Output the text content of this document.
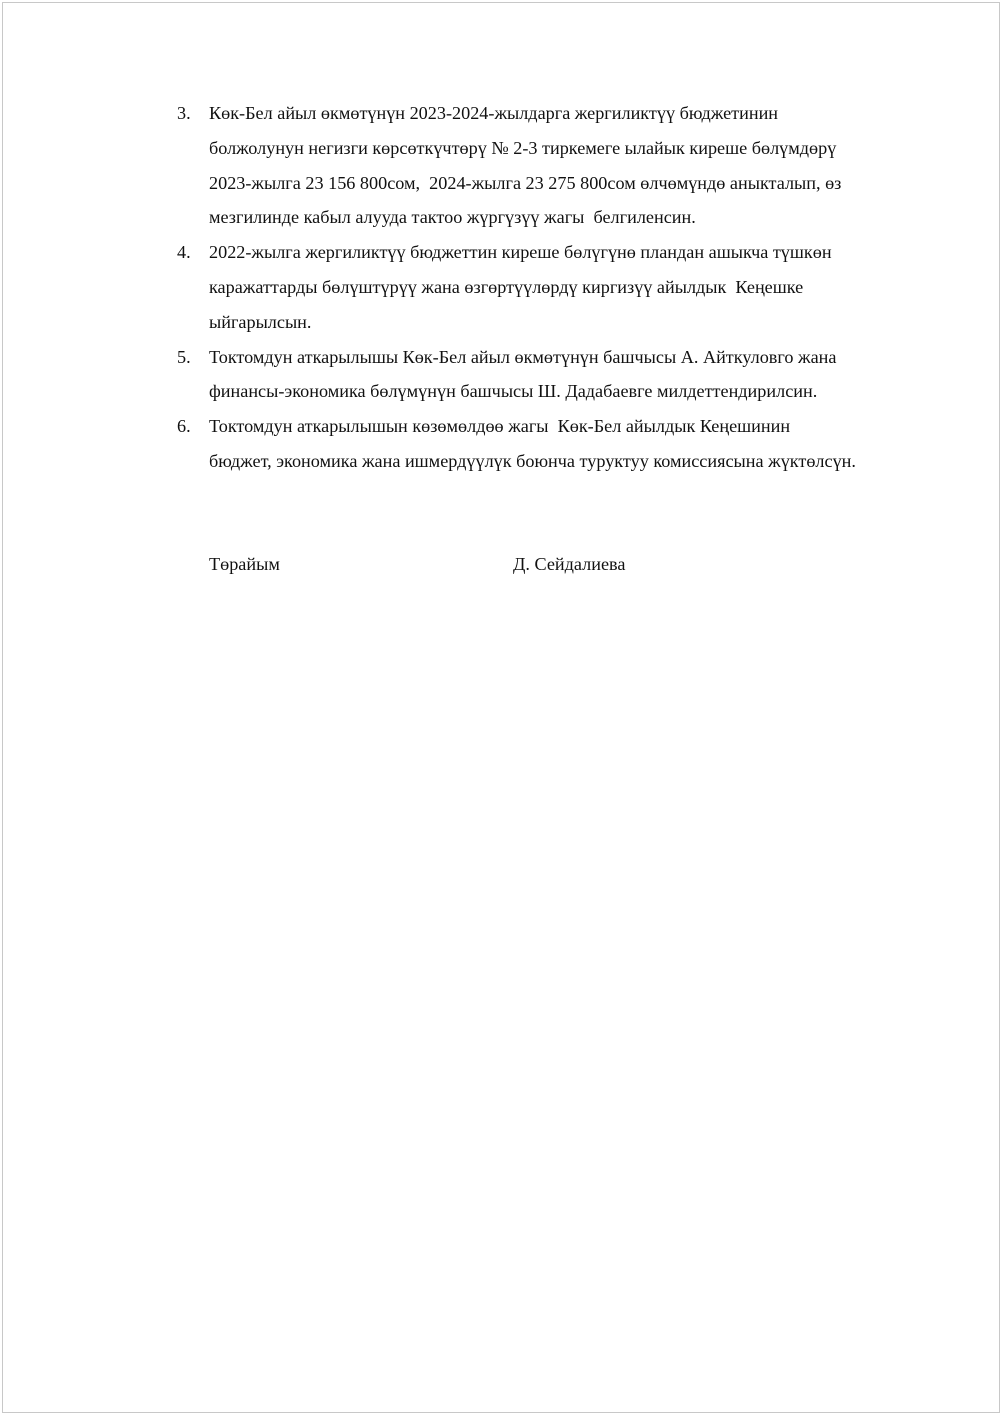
3.	Көк-Бел айыл өкмөтүнүн 2023-2024-жылдарга жергиликтүү бюджетинин
болжолунун негизги көрсөткүчтөрү № 2-3 тиркемеге ылайык киреше бөлүмдөрү
2023-жылга 23 156 800сом,  2024-жылга 23 275 800сом өлчөмүндө аныкталып, өз
мезгилинде кабыл алууда тактоо жүргүзүү жагы  белгиленсин.
4.	2022-жылга жергиликтүү бюджеттин киреше бөлүгүнө пландан ашыкча түшкөн
каражаттарды бөлүштүрүү жана өзгөртүүлөрдү киргизүү айылдык  Кеңешке
ыйгарылсын.
5.	Токтомдун аткарылышы Көк-Бел айыл өкмөтүнүн башчысы А. Айткуловго жана
финансы-экономика бөлүмүнүн башчысы Ш. Дадабаевге милдеттендирилсин.
6.	Токтомдун аткарылышын көзөмөлдөө жагы  Көк-Бел айылдык Кеңешинин
бюджет, экономика жана ишмердүүлүк боюнча туруктуу комиссиясына жүктөлсүн.
Төрайым	Д. Сейдалиева
